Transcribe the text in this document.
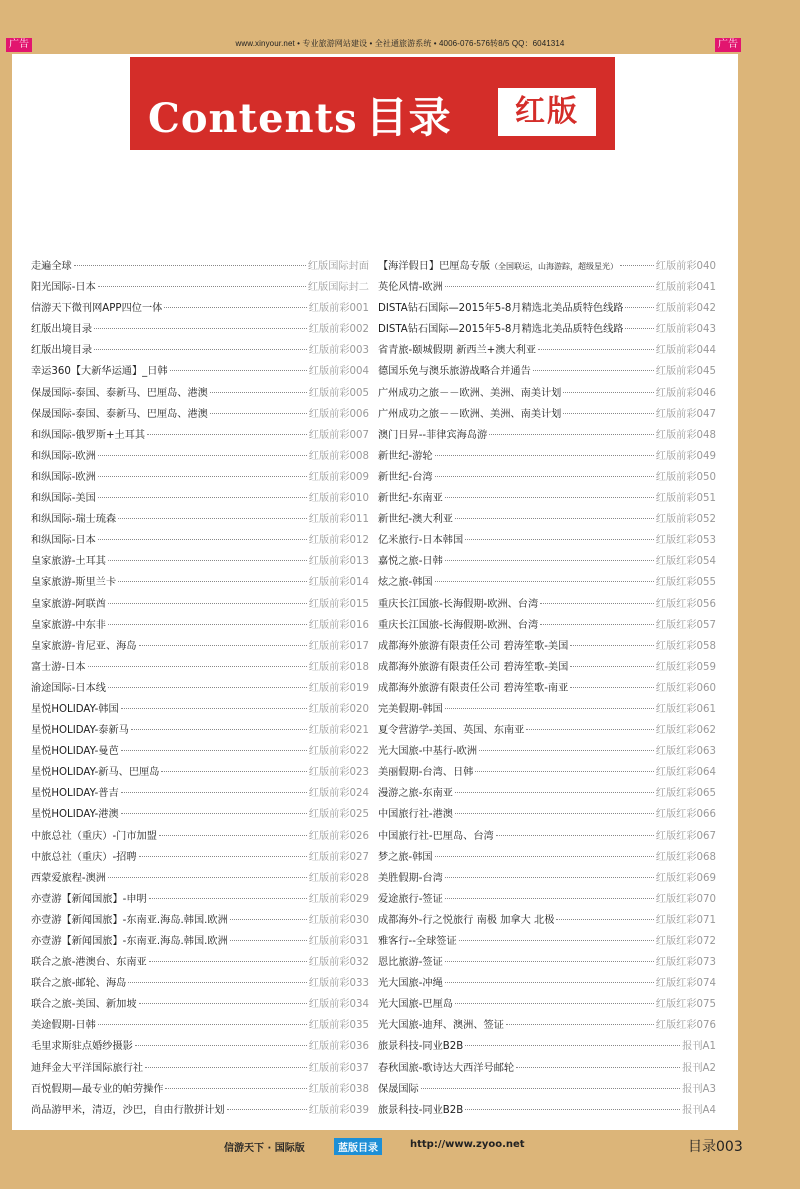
广告	www.xinyour.net • 专业旅游网站建设 • 全社通旅游系统 • 4006-076-576转8/5 QQ：6041314	广告
Contents 目录	红版
走遍全球	红版国际封面
阳光国际-日本	红版国际封二
信游天下微刊网APP四位一体	红版前彩001
红版出境目录	红版前彩002
红版出境目录	红版前彩003
幸运360【大新华运通】_日韩	红版前彩004
保晟国际-泰国、泰新马、巴厘岛、港澳	红版前彩005
保晟国际-泰国、泰新马、巴厘岛、港澳	红版前彩006
和纵国际-俄罗斯+土耳其	红版前彩007
和纵国际-欧洲	红版前彩008
和纵国际-欧洲	红版前彩009
和纵国际-美国	红版前彩010
和纵国际-瑞士琉森	红版前彩011
和纵国际-日本	红版前彩012
皇家旅游-土耳其	红版前彩013
皇家旅游-斯里兰卡	红版前彩014
皇家旅游-阿联酋	红版前彩015
皇家旅游-中东非	红版前彩016
皇家旅游-肯尼亚、海岛	红版前彩017
富士游-日本	红版前彩018
渝途国际-日本线	红版前彩019
星悦HOLIDAY-韩国	红版前彩020
星悦HOLIDAY-泰新马	红版前彩021
星悦HOLIDAY-曼芭	红版前彩022
星悦HOLIDAY-新马、巴厘岛	红版前彩023
星悦HOLIDAY-普吉	红版前彩024
星悦HOLIDAY-港澳	红版前彩025
中旅总社（重庆）-门市加盟	红版前彩026
中旅总社（重庆）-招聘	红版前彩027
西蒙爱旅程-澳洲	红版前彩028
亦壹游【新闻国旅】-申明	红版前彩029
亦壹游【新闻国旅】-东南亚.海岛.韩国.欧洲	红版前彩030
亦壹游【新闻国旅】-东南亚.海岛.韩国.欧洲	红版前彩031
联合之旅-港澳台、东南亚	红版前彩032
联合之旅-邮轮、海岛	红版前彩033
联合之旅-美国、新加坡	红版前彩034
美途假期-日韩	红版前彩035
毛里求斯驻点婚纱摄影	红版前彩036
迪拜金大平洋国际旅行社	红版前彩037
百悦假期—最专业的帕劳操作	红版前彩038
尚品游甲米，清迈，沙巴，自由行散拼计划	红版前彩039
【海洋假日】巴厘岛专版 （全国联运，山海游踪，超级星光）	红版前彩040
英伦风情-欧洲	红版前彩041
DISTA钻石国际—2015年5-8月精选北美品质特色线路	红版前彩042
DISTA钻石国际—2015年5-8月精选北美品质特色线路	红版前彩043
省青旅-颐城假期 新西兰+澳大利亚	红版前彩044
德国乐免与澳乐旅游战略合并通告	红版前彩045
广州成功之旅－－欧洲、美洲、南美计划	红版前彩046
广州成功之旅－－欧洲、美洲、南美计划	红版前彩047
澳门日昇--菲律宾海岛游	红版前彩048
新世纪-游轮	红版前彩049
新世纪-台湾	红版前彩050
新世纪-东南亚	红版前彩051
新世纪-澳大利亚	红版前彩052
亿米旅行-日本韩国	红版红彩053
嘉悦之旅-日韩	红版红彩054
炫之旅-韩国	红版红彩055
重庆长江国旅-长海假期-欧洲、台湾	红版红彩056
重庆长江国旅-长海假期-欧洲、台湾	红版红彩057
成都海外旅游有限责任公司 碧涛笙歌-美国	红版红彩058
成都海外旅游有限责任公司 碧涛笙歌-美国	红版红彩059
成都海外旅游有限责任公司 碧涛笙歌-南亚	红版红彩060
完美假期-韩国	红版红彩061
夏令营游学-美国、英国、东南亚	红版红彩062
光大国旅-中基行-欧洲	红版红彩063
美丽假期-台湾、日韩	红版红彩064
漫游之旅-东南亚	红版红彩065
中国旅行社-港澳	红版红彩066
中国旅行社-巴厘岛、台湾	红版红彩067
梦之旅-韩国	红版红彩068
美胜假期-台湾	红版红彩069
爱途旅行-签证	红版红彩070
成都海外-行之悦旅行 南极 加拿大 北极	红版红彩071
雅客行--全球签证	红版红彩072
恩比旅游-签证	红版红彩073
光大国旅-冲绳	红版红彩074
光大国旅-巴厘岛	红版红彩075
光大国旅-迪拜、澳洲、签证	红版红彩076
旅景科技-同业B2B	报刊A1
春秋国旅-歌诗达大西洋号邮轮	报刊A2
保晟国际	报刊A3
旅景科技-同业B2B	报刊A4
信游天下 · 国际版	蓝版目录	http://www.zyoo.net	目录003
